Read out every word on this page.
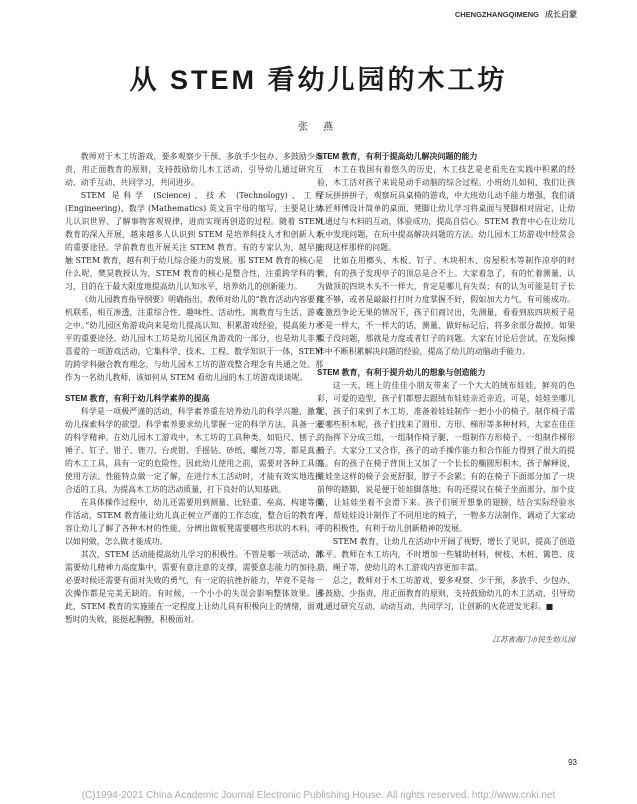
CHENGZHANGQIMENG 成长启蒙
从 STEM 看幼儿园的木工坊
张 燕

教师对于木工坊游戏，要多观察少干预、多放手少包办、多鼓励少指责，用正面教育的原则，支持鼓励幼儿木工活动，引导幼儿通过研究互动、动手互动、共同学习，共同进步。

STEM 是科学 (Science)、技术 (Technology)、工程 (Engineering)、数学 (Mathematics) 英文首字母的缩写，主要是让幼儿认识世界、了解事物客观规律，进而实现再创造的过程。随着 STEM 教育的深入开展，越来越多人认识到 STEM 是培养科技人才和创新人才的重要途径。学前教育也开展关注 STEM 教育。有的专家认为，越早接触 STEM 教育，越有利于幼儿综合能力的发展。那 STEM 教育的核心是什么呢，樊昊教授认为，STEM 教育的核心是整合性，注重跨学科的学习，目的在于最大限度地提高幼儿认知水平，培养幼儿的创新能力。

《幼儿园教育指导纲要》明确指出，教师对幼儿的“教育活动内容要有机联系，相互渗透，注重综合性、趣味性、活动性，寓教育与生活、游戏之中。”幼儿园区角游戏向来是幼儿提高认知、积累游戏经验，提高能力水平的重要途径。幼儿园木工坊是幼儿园区角游戏的一部分，也是幼儿非常喜爱的一项游戏活动，它集科学、技术、工程、数学知识于一体，STEM 的跨学科融合教育理念，与幼儿园木工坊的游戏整合理念有共通之处。那作为一名幼儿教师，该如何从 STEM 看幼儿园的木工坊游戏谈谈呢。

STEM 教育，有利于幼儿科学素养的提高

科学是一项极严谨的活动，科学素养重在培养幼儿的科学兴趣，激发幼儿探索科学的欲望。科学素养要求幼儿掌握一定的科学方法，具备一定的科学精神。在幼儿园木工游戏中，木工坊的工具种类，如铅尺、刨子、锤子、钉子、钳子、锉刀、台虎钳、手摇钻、砂纸、螺丝刀等，都是真正的木工工具，具有一定的危险性，因此幼儿使用之前，需要对各种工具的使用方法、性能特点做一定了解，在进行木工活动时，才能有效实地选择合适的工具，为提高木工坊的活动质量，打下良好的认知基础。

在具体操作过程中，幼儿还需要用到测量、比轻重、垒高、构建等操作活动，STEM 教育能让幼儿真正树立严谨的工作态度，整合后的教育内容让幼儿了解了各种木材的性能，分辨出做板凳需要哪些形状的木料，可以如何做，怎么做才能成功。

其次，STEM 活动能提高幼儿学习的积极性。不管是哪一项活动，都需要幼儿精神力高度集中，需要有意注意的支撑，需要意志能力的加持。必要时候还需要有面对失败的勇气，有一定的抗挫折能力，毕竟不是每一次操作都是完美无缺的。有时候，一个小小的失误会影响整体效果。因此，STEM 教育的实施能在一定程度上让幼儿具有积极向上的情绪，面对暂时的失败，能挺起胸膛，积极面对。

STEM 教育，有利于提高幼儿解决问题的能力

木工在我国有着悠久的历史，木工技艺是老祖先在实践中积累的经验，木工活对孩子来说是动手动脑的综合过程。小班幼儿如何，我们让孩子玩拼拼拼子，观察玩具桌椅的游戏，中大班幼儿动手能力增强，我们请木匠师傅设计简单的桌面、凳脚让幼儿学习将桌面与凳脚相对固定，让幼儿通过与木料的互动，体验成功，提高自信心。STEM 教育中心在让幼儿玩中发现问题，在玩中提高解决问题的方法。幼儿园木工坊游戏中经常会出现这样那样的问题。

比如在用榔头、木板、钉子、木块积木、房屋积木等制作凉亭的时候，有的孩子发现亭子的顶总是合不上。大家着急了，有的忙着测量，认为做顶的四块木头不一样大，肯定是哪儿有失误；有的认为可能是钉子长度不够，或者是敲敲打打时力度掌握不好，假如加大力气，有可能成功。在激烈争论无果的情况下，孩子们商讨出，先测量，看看到底四块板子是不是一样大，不一样大的话，测量、做好标记后，将多余部分裁掉。如果板子没问题，那就是力度或者钉子的问题。大家在讨论后尝试，在发际操作中不断积累解决问题的经验，提高了幼儿的动脑动手能力。

STEM 教育，有利于提升幼儿的想象与创造能力

这一天，班上的佳佳小朋友带来了一个大大的绒布娃娃，鲜亮的色彩，可爱的造型，孩子们都想去跟绒布娃娃亲近亲近。可是，娃娃坐哪儿呢，孩子们来到了木工坊，准备着娃娃制作一把小小的椅子。制作椅子需要哪些积木呢，孩子们找来了圆形、方形、梯形等多种材料，大家在佳佳的指挥下分成三组，一组制作椅子腿，一组制作方形椅子，一组制作梯形椅子。大家分工又合作，孩子的动手操作能力和合作能力得到了很大的提高。有的孩子在椅子背顶上又加了一个长长的椭圆形积木，孩子解释说，娃娃坐这样的椅子会更舒服，脖子不会累；有的在椅子下面部分加了一块前伸的踏脚，说是便于娃娃脚落地；有的还提议在椅子坐面部分，加个皮筋，让娃娃坐着不会滑下来。孩子们展开想象的翅膀，结合实际经验水平，帮娃娃设计制作了不同用途的椅子，一物多方法制作，调动了大家动手的积极性，有利于幼儿创新精神的发展。

STEM 教育，让幼儿在活动中开阔了视野，增长了见识，提高了创造水平。教师在木工坊内，不时增加一些辅助材料，树枝、木桩、篱笆、皮筋、绳子等，使幼儿的木工游戏内容更加丰富。

总之，教师对于木工坊游戏，要多观察、少干预，多放手、少包办、多鼓励、少指责，用正面教育的原则，支持鼓励幼儿的木工活动，引导幼儿通过研究互动、动动互动，共同学习，让创新的火花迸发光彩。■

江苏省海门市民生幼儿园

93
(C)1994-2021 China Academic Journal Electronic Publishing House. All rights reserved. http://www.cnki.net
